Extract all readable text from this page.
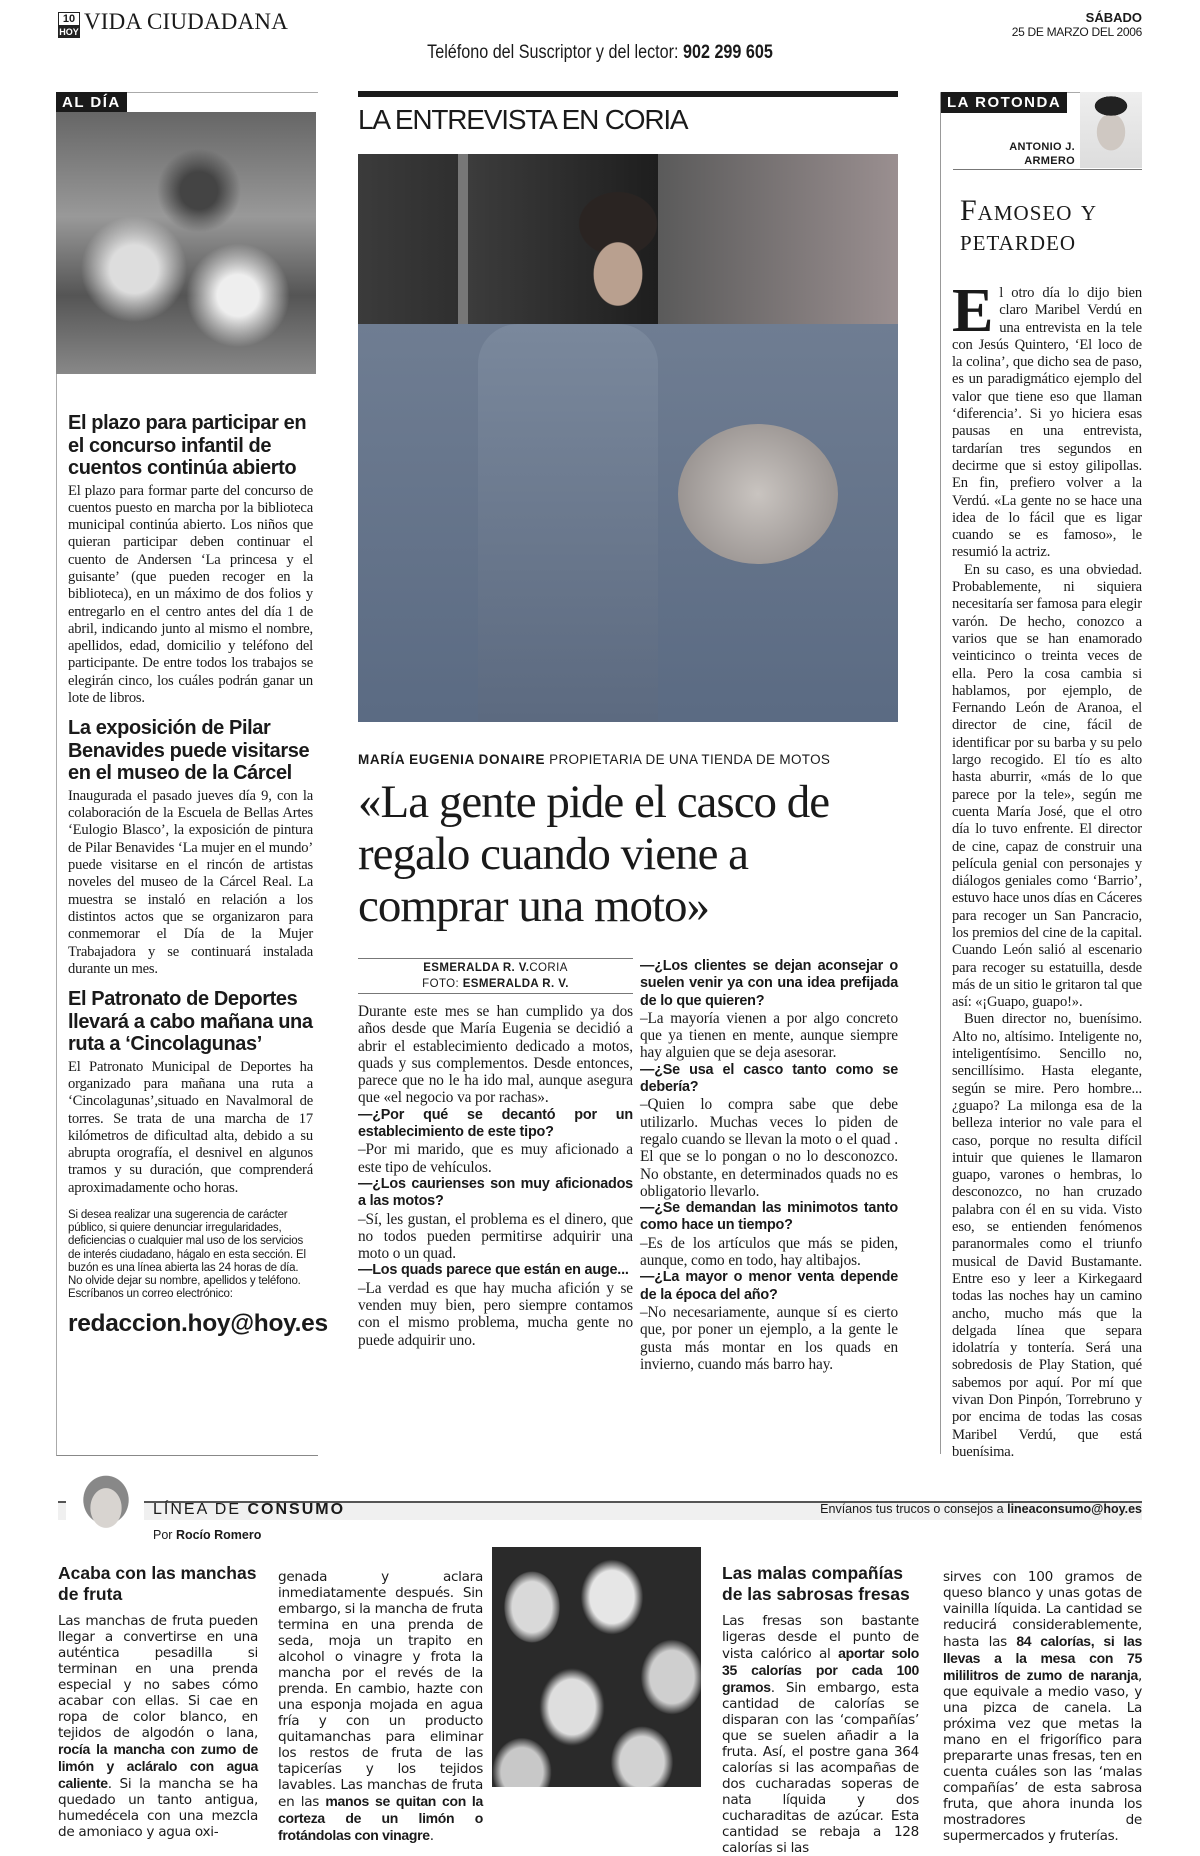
10
HOY VIDA CIUDADANA
Teléfono del Suscriptor y del lector: 902 299 605
SÁBADO
25 DE MARZO DEL 2006
AL DÍA
El plazo para participar en el concurso infantil de cuentos continúa abierto

El plazo para formar parte del concurso de cuentos puesto en marcha por la biblioteca municipal continúa abierto. Los niños que quieran participar deben continuar el cuento de Andersen ‘La princesa y el guisante’ (que pueden recoger en la biblioteca), en un máximo de dos folios y entregarlo en el centro antes del día 1 de abril, indicando junto al mismo el nombre, apellidos, edad, domicilio y teléfono del participante. De entre todos los trabajos se elegirán cinco, los cuáles podrán ganar un lote de libros.

La exposición de Pilar Benavides puede visitarse en el museo de la Cárcel

Inaugurada el pasado jueves día 9, con la colaboración de la Escuela de Bellas Artes ‘Eulogio Blasco’, la exposición de pintura de Pilar Benavides ‘La mujer en el mundo’ puede visitarse en el rincón de artistas noveles del museo de la Cárcel Real. La muestra se instaló en relación a los distintos actos que se organizaron para conmemorar el Día de la Mujer Trabajadora y se continuará instalada durante un mes.

El Patronato de Deportes llevará a cabo mañana una ruta a ‘Cincolagunas’

El Patronato Municipal de Deportes ha organizado para mañana una ruta a ‘Cincolagunas’,situado en Navalmoral de torres. Se trata de una marcha de 17 kilómetros de dificultad alta, debido a su abrupta orografía, el desnivel en algunos tramos y su duración, que comprenderá aproximadamente ocho horas.

Si desea realizar una sugerencia de carácter público, si quiere denunciar irregularidades, deficiencias o cualquier mal uso de los servicios de interés ciudadano, hágalo en esta sección. El buzón es una línea abierta las 24 horas de día. No olvide dejar su nombre, apellidos y teléfono. Escríbanos un correo electrónico:
redaccion.hoy@hoy.es
LA ENTREVISTA EN CORIA
MARÍA EUGENIA DONAIRE PROPIETARIA DE UNA TIENDA DE MOTOS
«La gente pide el casco de regalo cuando viene a comprar una moto»
ESMERALDA R. V.CORIA
FOTO: ESMERALDA R. V.

Durante este mes se han cumplido ya dos años desde que María Eugenia se decidió a abrir el establecimiento dedicado a motos, quads y sus complementos. Desde entonces, parece que no le ha ido mal, aunque asegura que «el negocio va por rachas».

—¿Por qué se decantó por un establecimiento de este tipo?

–Por mi marido, que es muy aficionado a este tipo de vehículos.

—¿Los caurienses son muy aficionados a las motos?

–Sí, les gustan, el problema es el dinero, que no todos pueden permitirse adquirir una moto o un quad.

—Los quads parece que están en auge...

–La verdad es que hay mucha afición y se venden muy bien, pero siempre contamos con el mismo problema, mucha gente no puede adquirir uno.

—¿Los clientes se dejan aconsejar o suelen venir ya con una idea prefijada de lo que quieren?

–La mayoría vienen a por algo concreto que ya tienen en mente, aunque siempre hay alguien que se deja asesorar.

—¿Se usa el casco tanto como se debería?

–Quien lo compra sabe que debe utilizarlo. Muchas veces lo piden de regalo cuando se llevan la moto o el quad . El que se lo pongan o no lo desconozco. No obstante, en determinados quads no es obligatorio llevarlo.

—¿Se demandan las minimotos tanto como hace un tiempo?

–Es de los artículos que más se piden, aunque, como en todo, hay altibajos.

—¿La mayor o menor venta depende de la época del año?

–No necesariamente, aunque sí es cierto que, por poner un ejemplo, a la gente le gusta más montar en los quads en invierno, cuando más barro hay.

LA ROTONDA
ANTONIO J.
ARMERO
Famoseo y petardeo

El otro día lo dijo bien claro Maribel Verdú en una entrevista en la tele con Jesús Quintero, ‘El loco de la colina’, que dicho sea de paso, es un paradigmático ejemplo del valor que tiene eso que llaman ‘diferencia’. Si yo hiciera esas pausas en una entrevista, tardarían tres segundos en decirme que si estoy gilipollas. En fin, prefiero volver a la Verdú. «La gente no se hace una idea de lo fácil que es ligar cuando se es famoso», le resumió la actriz.

En su caso, es una obviedad. Probablemente, ni siquiera necesitaría ser famosa para elegir varón. De hecho, conozco a varios que se han enamorado veinticinco o treinta veces de ella. Pero la cosa cambia si hablamos, por ejemplo, de Fernando León de Aranoa, el director de cine, fácil de identificar por su barba y su pelo largo recogido. El tío es alto hasta aburrir, «más de lo que parece por la tele», según me cuenta María José, que el otro día lo tuvo enfrente. El director de cine, capaz de construir una película genial con personajes y diálogos geniales como ‘Barrio’, estuvo hace unos días en Cáceres para recoger un San Pancracio, los premios del cine de la capital. Cuando León salió al escenario para recoger su estatuilla, desde más de un sitio le gritaron tal que así: «¡Guapo, guapo!».

Buen director no, buenísimo. Alto no, altísimo. Inteligente no, inteligentísimo. Sencillo no, sencillísimo. Hasta elegante, según se mire. Pero hombre... ¿guapo? La milonga esa de la belleza interior no vale para el caso, porque no resulta difícil intuir que quienes le llamaron guapo, varones o hembras, lo desconozco, no han cruzado palabra con él en su vida. Visto eso, se entienden fenómenos paranormales como el triunfo musical de David Bustamante. Entre eso y leer a Kirkegaard todas las noches hay un camino ancho, mucho más que la delgada línea que separa idolatría y tontería. Será una sobredosis de Play Station, qué sabemos por aquí. Por mí que vivan Don Pinpón, Torrebruno y por encima de todas las cosas Maribel Verdú, que está buenísima.

LÍNEA DE CONSUMO
Por Rocío Romero
Envíanos tus trucos o consejos a lineaconsumo@hoy.es
Acaba con las manchas de fruta

Las manchas de fruta pueden llegar a convertirse en una auténtica pesadilla si terminan en una prenda especial y no sabes cómo acabar con ellas. Si cae en ropa de color blanco, en tejidos de algodón o lana, rocía la mancha con zumo de limón y acláralo con agua caliente. Si la mancha se ha quedado un tanto antigua, humedécela con una mezcla de amoniaco y agua oxi-

genada y aclara inmediatamente después. Sin embargo, si la mancha de fruta termina en una prenda de seda, moja un trapito en alcohol o vinagre y frota la mancha por el revés de la prenda. En cambio, hazte con una esponja mojada en agua fría y con un producto quitamanchas para eliminar los restos de fruta de las tapicerías y los tejidos lavables. Las manchas de fruta en las manos se quitan con la corteza de un limón o frotándolas con vinagre.

Las malas compañías de las sabrosas fresas

Las fresas son bastante ligeras desde el punto de vista calórico al aportar solo 35 calorías por cada 100 gramos. Sin embargo, esta cantidad de calorías se disparan con las ‘compañías’ que se suelen añadir a la fruta. Así, el postre gana 364 calorías si las acompañas de dos cucharadas soperas de nata líquida y dos cucharaditas de azúcar. Esta cantidad se rebaja a 128 calorías si las

sirves con 100 gramos de queso blanco y unas gotas de vainilla líquida. La cantidad se reducirá considerablemente, hasta las 84 calorías, si las llevas a la mesa con 75 mililitros de zumo de naranja, que equivale a medio vaso, y una pizca de canela. La próxima vez que metas la mano en el frigorífico para prepararte unas fresas, ten en cuenta cuáles son las ‘malas compañías’ de esta sabrosa fruta, que ahora inunda los mostradores de supermercados y fruterías.
